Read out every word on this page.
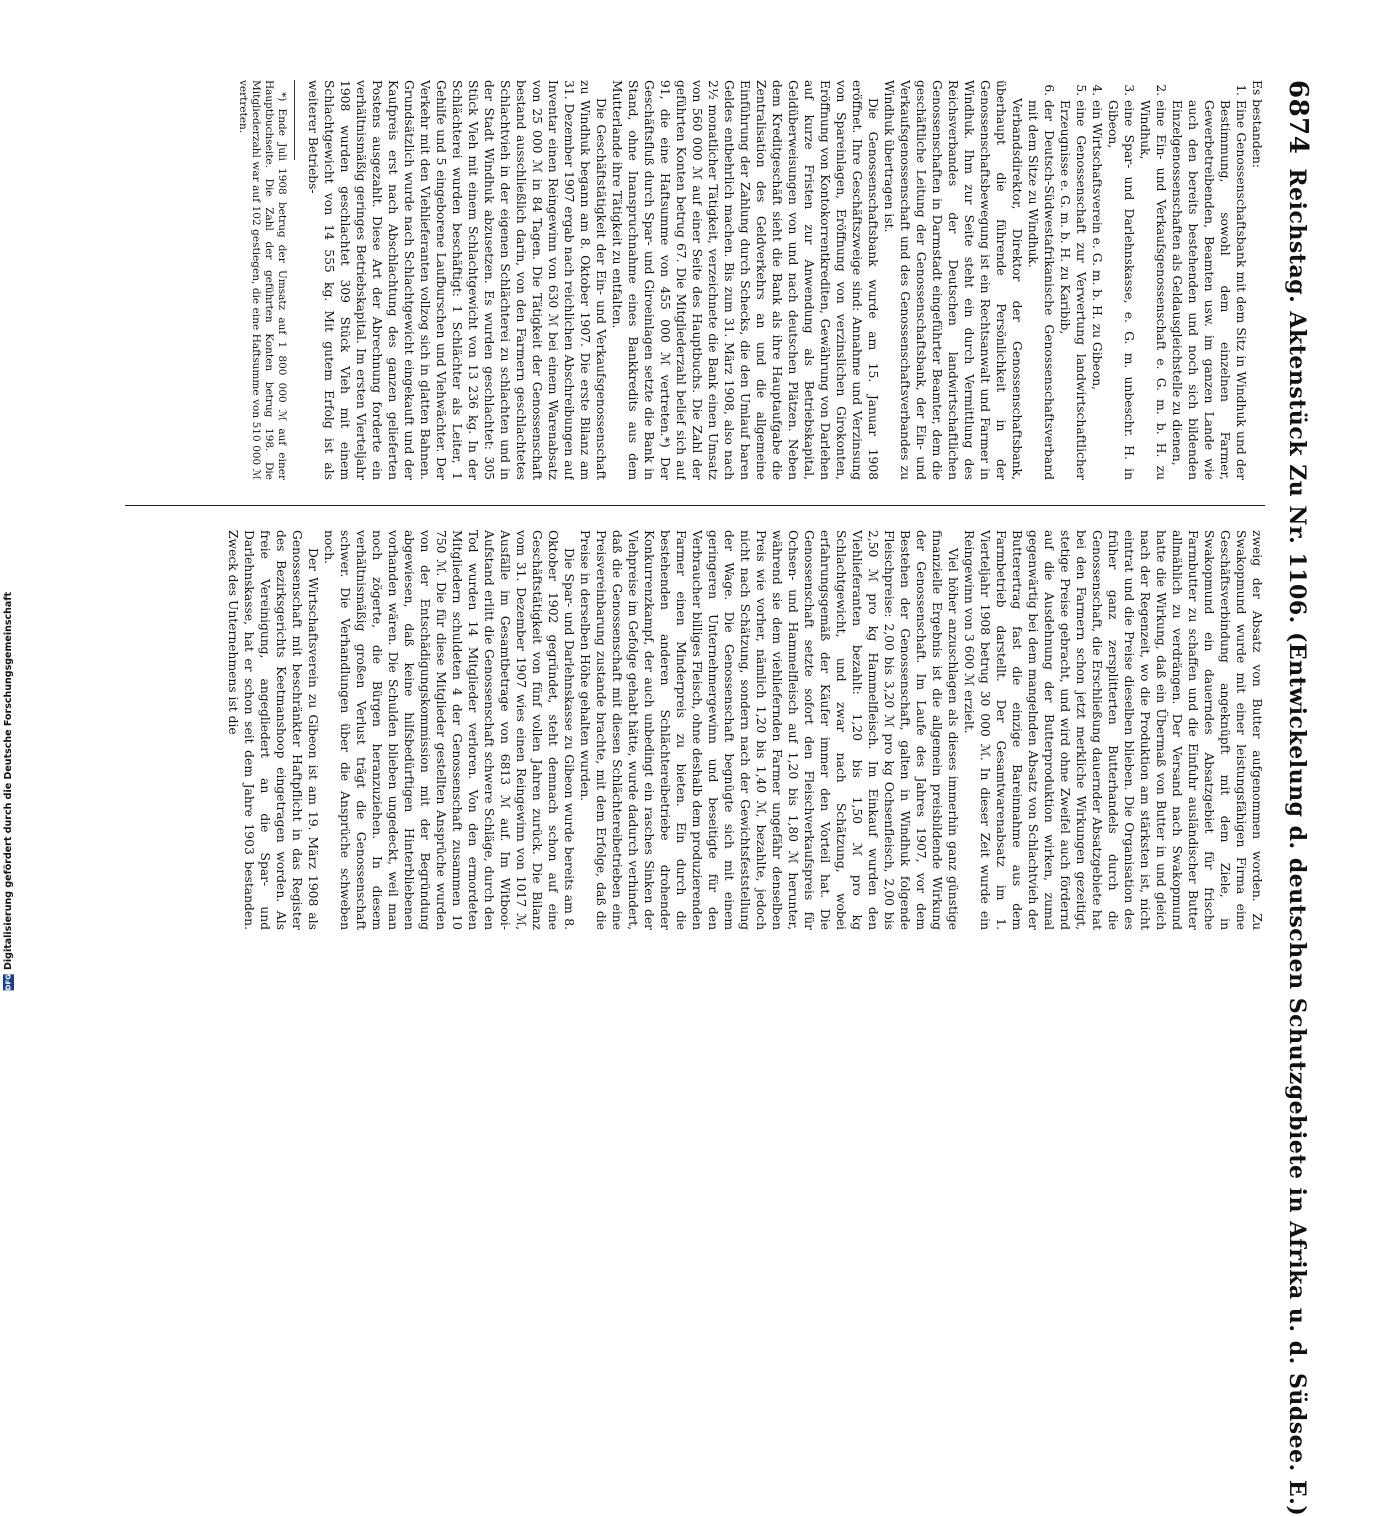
6874
Reichstag. Aktenstück Zu Nr. 1106. (Entwickelung d. deutschen Schutzgebiete in Afrika u. d. Südsee. E.)

Es bestanden:

1. Eine Genossenschaftsbank mit dem Sitz in Windhuk und der Bestimmung, sowohl dem einzelnen Farmer, Gewerbetreibenden, Beamten usw. im ganzen Lande wie auch den bereits bestehenden und noch sich bildenden Einzelgenossenschaften als Geldausgleichstelle zu dienen,
2. eine Ein- und Verkaufsgenossenschaft e. G. m. b. H. zu Windhuk,
3. eine Spar- und Darlehnskasse, e. G. m. unbeschr. H. in Gibeon,
4. ein Wirtschaftsverein e. G. m. b. H. zu Gibeon,
5. eine Genossenschaft zur Verwertung landwirtschaftlicher Erzeugnisse e. G. m. b. H. zu Karibib,
6. der Deutsch-Südwestafrikanische Genossenschaftsverband mit dem Sitze zu Windhuk.

Verbandsdirektor, Direktor der Genossenschaftsbank, überhaupt die führende Persönlichkeit in der Genossenschaftsbewegung ist ein Rechtsanwalt und Farmer in Windhuk. Ihm zur Seite steht ein durch Vermittlung des Reichsverbandes der Deutschen landwirtschaftlichen Genossenschaften in Darmstadt eingeführter Beamter, dem die geschäftliche Leitung der Genossenschaftsbank, der Ein- und Verkaufsgenossenschaft und des Genossenschaftsverbandes zu Windhuk übertragen ist.

Die Genossenschaftsbank wurde am 15. Januar 1908 eröffnet. Ihre Geschäftszweige sind: Annahme und Verzinsung von Spareinlagen, Eröffnung von verzinslichen Girokonten, Eröffnung von Kontokorrentkrediten, Gewährung von Darlehen auf kurze Fristen zur Anwendung als Betriebskapital, Geldüberweisungen von und nach deutschen Plätzen. Neben dem Kreditgeschäft sieht die Bank als ihre Hauptaufgabe die Zentralisation des Geldverkehrs an und die allgemeine Einführung der Zahlung durch Schecks, die den Umlauf baren Geldes entbehrlich machen. Bis zum 31. März 1908, also nach 2½ monatlicher Tätigkeit, verzeichnete die Bank einen Umsatz von 560 000 ℳ auf einer Seite des Hauptbuchs. Die Zahl der geführten Konten betrug 67. Die Mitgliederzahl belief sich auf 91, die eine Haftsumme von 455 000 ℳ vertreten.*) Der Geschäftsfluß durch Spar- und Giroeinlagen setzte die Bank in Stand, ohne Inanspruchnahme eines Bankkredits aus dem Mutterlande ihre Tätigkeit zu entfalten.

Die Geschäftstätigkeit der Ein- und Verkaufsgenossenschaft zu Windhuk begann am 8. Oktober 1907. Die erste Bilanz am 31. Dezember 1907 ergab nach reichlichen Abschreibungen auf Inventar einen Reingewinn von 630 ℳ bei einem Warenabsatz von 25 000 ℳ in 84 Tagen. Die Tätigkeit der Genossenschaft bestand ausschließlich darin, von den Farmern geschlachtetes Schlachtvieh in der eigenen Schlächterei zu schlachten und in der Stadt Windhuk abzusetzen. Es wurden geschlachtet: 305 Stück Vieh mit einem Schlachtgewicht von 13 236 kg. In der Schlächterei wurden beschäftigt: 1 Schlächter als Leiter, 1 Gehilfe und 5 eingeborene Laufburschen und Viehwächter. Der Verkehr mit den Viehlieferanten vollzog sich in glatten Bahnen. Grundsätzlich wurde nach Schlachtgewicht eingekauft und der Kaufpreis erst nach Abschlachtung des ganzen gelieferten Postens ausgezahlt. Diese Art der Abrechnung forderte ein verhältnismäßig geringes Betriebskapital. Im ersten Vierteljahr 1908 wurden geschlachtet 309 Stück Vieh mit einem Schlachtgewicht von 14 555 kg. Mit gutem Erfolg ist als weiterer Betriebs-

*) Ende Juli 1908 betrug der Umsatz auf 1 800 000 ℳ auf einer Hauptbuchseite. Die Zahl der geführten Konten betrug 198. Die Mitgliederzahl war auf 102 gestiegen, die eine Haftsumme von 510 000 ℳ vertreten.

zweig der Absatz von Butter aufgenommen worden. Zu Swakopmund wurde mit einer leistungsfähigen Firma eine Geschäftsverbindung angeknüpft mit dem Ziele, in Swakopmund ein dauerndes Absatzgebiet für frische Farmbutter zu schaffen und die Einfuhr ausländischer Butter allmählich zu verdrängen. Der Versand nach Swakopmund hatte die Wirkung, daß ein Übermaß von Butter in und gleich nach der Regenzeit, wo die Produktion am stärksten ist, nicht eintrat und die Preise dieselben blieben. Die Organisation des früher ganz zersplitterten Butterhandels durch die Genossenschaft, die Erschließung dauernder Absatzgebiete hat bei den Farmern schon jetzt merkliche Wirkungen gezeitigt, stetige Preise gebracht, und wird ohne Zweifel auch fördernd auf die Ausdehnung der Butterproduktion wirken, zumal gegenwärtig bei dem mangelnden Absatz von Schlachtvieh der Butterertrag fast die einzige Bareinnahme aus dem Farmbetrieb darstellt. Der Gesamtwarenabsatz im 1. Vierteljahr 1908 betrug 30 000 ℳ. In dieser Zeit wurde ein Reingewinn von 3 600 ℳ erzielt.

Viel höher anzuschlagen als dieses immerhin ganz günstige finanzielle Ergebnis ist die allgemein preisbildende Wirkung der Genossenschaft. Im Laufe des Jahres 1907, vor dem Bestehen der Genossenschaft, galten in Windhuk folgende Fleischpreise: 2,00 bis 3,20 ℳ pro kg Ochsenfleisch, 2,00 bis 2,50 ℳ pro kg Hammelfleisch. Im Einkauf wurden den Viehlieferanten bezahlt: 1,20 bis 1,50 ℳ pro kg Schlachtgewicht, und zwar nach Schätzung, wobei erfahrungsgemäß der Käufer immer den Vorteil hat. Die Genossenschaft setzte sofort den Fleischverkaufspreis für Ochsen- und Hammelfleisch auf 1,20 bis 1,80 ℳ herunter, während sie dem viehliefernden Farmer ungefähr denselben Preis wie vorher, nämlich 1,20 bis 1,40 ℳ, bezahlte, jedoch nicht nach Schätzung, sondern nach der Gewichtsfeststellung der Wage. Die Genossenschaft begnügte sich mit einem geringeren Unternehmergewinn und beseitigte für den Verbraucher billiges Fleisch, ohne deshalb dem produzierenden Farmer einen Minderpreis zu bieten. Ein durch die bestehenden anderen Schlächtereibetriebe drohender Konkurrenzkampf, der auch unbedingt ein rasches Sinken der Viehpreise im Gefolge gehabt hätte, wurde dadurch verhindert, daß die Genossenschaft mit diesen Schlächtereibetrieben eine Preisvereinbarung zustande brachte, mit dem Erfolge, daß die Preise in derselben Höhe gehalten wurden.

Die Spar- und Darlehnskasse zu Gibeon wurde bereits am 8. Oktober 1902 gegründet, steht demnach schon auf eine Geschäftstätigkeit von fünf vollen Jahren zurück. Die Bilanz vom 31. Dezember 1907 wies einen Reingewinn von 1017 ℳ, Ausfälle im Gesamtbetrage von 6813 ℳ auf. Im Witbooi-Aufstand erlitt die Genossenschaft schwere Schläge, durch den Tod wurden 14 Mitglieder verloren. Von den ermordeten Mitgliedern schuldeten 4 der Genossenschaft zusammen 10 750 ℳ. Die für diese Mitglieder gestellten Ansprüche wurden von der Entschädigungskommission mit der Begründung abgewiesen, daß keine hilfsbedürftigen Hinterbliebenen vorhanden wären. Die Schulden blieben ungedeckt, weil man noch zögerte, die Bürgen heranzuziehen. In diesem verhältnismäßig großen Verlust trägt die Genossenschaft schwer. Die Verhandlungen über die Ansprüche schweben noch.

Der Wirtschaftsverein zu Gibeon ist am 19. März 1908 als Genossenschaft mit beschränkter Haftpflicht in das Register des Bezirksgerichts Keetmanshoop eingetragen worden. Als freie Vereinigung, angegliedert an die Spar- und Darlehnskasse, hat er schon seit dem Jahre 1903 bestanden. Zweck des Unternehmens ist die

DFG
Digitalisierung gefördert durch die Deutsche Forschungsgemeinschaft
